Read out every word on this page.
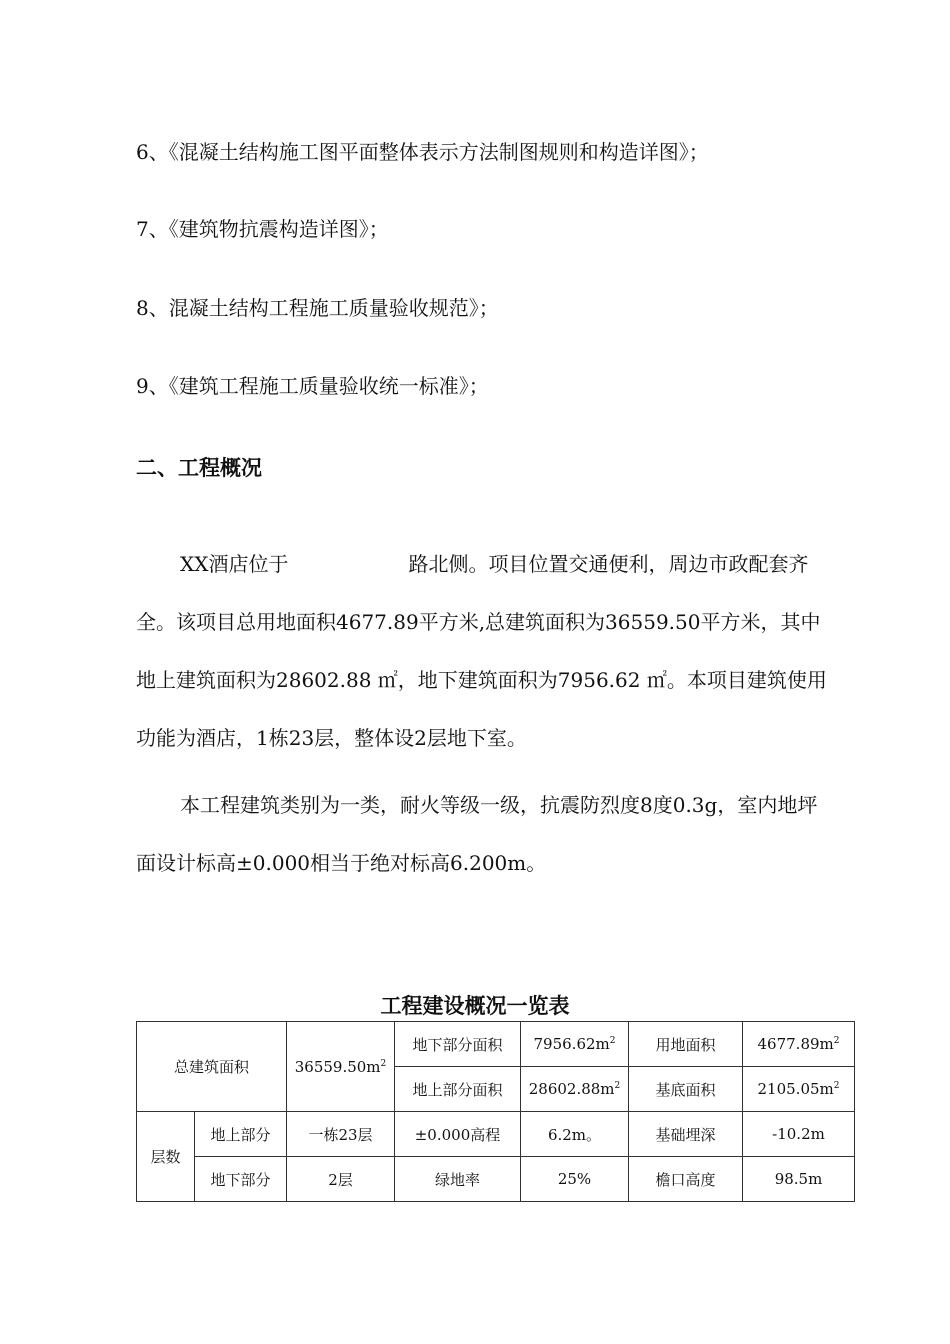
6、《混凝土结构施工图平面整体表示方法制图规则和构造详图》；
7、《建筑物抗震构造详图》；
8、混凝土结构工程施工质量验收规范》；
9、《建筑工程施工质量验收统一标准》；
二、工程概况
XX酒店位于	路北侧。项目位置交通便利，周边市政配套齐全。该项目总用地面积4677.89平方米,总建筑面积为36559.50平方米，其中地上建筑面积为28602.88 ㎡，地下建筑面积为7956.62 ㎡。本项目建筑使用功能为酒店，1栋23层，整体设2层地下室。
本工程建筑类别为一类，耐火等级一级，抗震防烈度8度0.3g，室内地坪面设计标高±0.000相当于绝对标高6.200m。
工程建设概况一览表
总建筑面积		$36559.50m^2$	地下部分面积	$7956.62m^2$	用地面积	$4677.89m^2$
			地上部分面积	$28602.88m^2$	基底面积	$2105.05m^2$
层数	地上部分	一栋23层	±0.000高程	6.2m。	基础埋深	-10.2m
	地下部分	2层	绿地率	25%	檐口高度	98.5m
